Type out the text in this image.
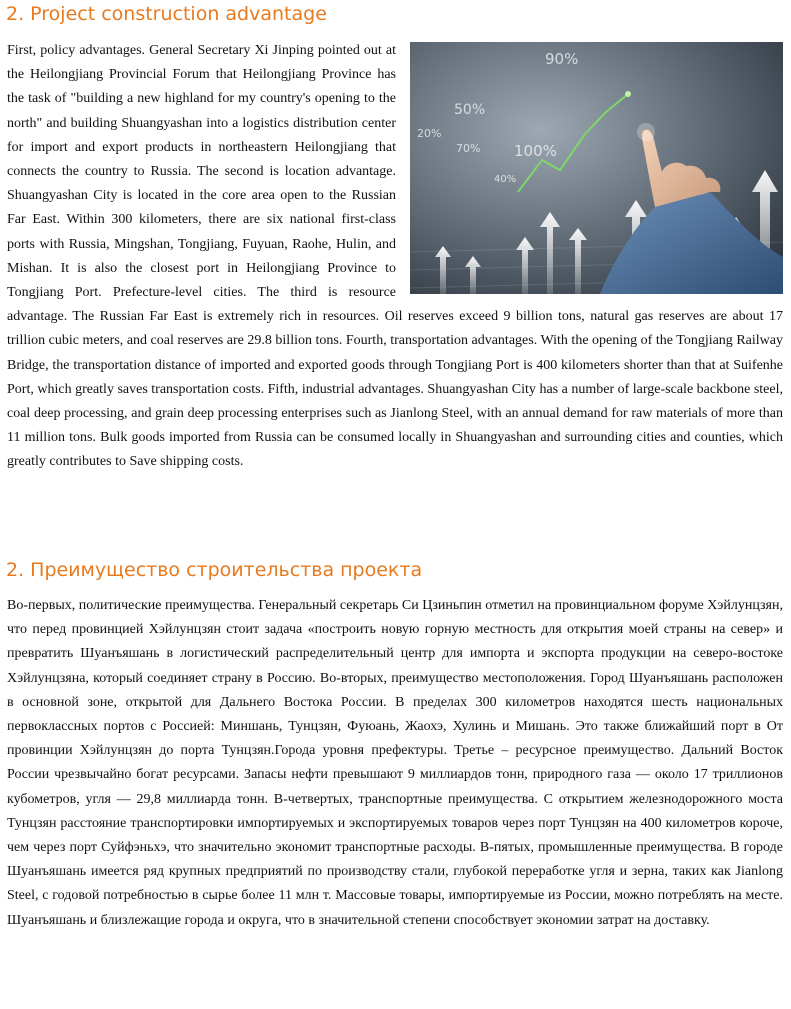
2. Project construction advantage
90%
50%
20%
70% 100%
40%
First, policy advantages. General Secretary Xi Jinping pointed out at the Heilongjiang Provincial Forum that Heilongjiang Province has the task of "building a new highland for my country's opening to the north" and building Shuangyashan into a logistics distribution center for import and export products in northeastern Heilongjiang that connects the country to Russia. The second is location advantage. Shuangyashan City is located in the core area open to the Russian Far East. Within 300 kilometers, there are six national first-class ports with Russia, Mingshan, Tongjiang, Fuyuan, Raohe, Hulin, and Mishan. It is also the closest port in Heilongjiang Province to Tongjiang Port. Prefecture-level cities. The third is resource advantage. The Russian Far East is extremely rich in resources. Oil reserves exceed 9 billion tons, natural gas reserves are about 17 trillion cubic meters, and coal reserves are 29.8 billion tons. Fourth, transportation advantages. With the opening of the Tongjiang Railway Bridge, the transportation distance of imported and exported goods through Tongjiang Port is 400 kilometers shorter than that at Suifenhe Port, which greatly saves transportation costs. Fifth, industrial advantages. Shuangyashan City has a number of large-scale backbone steel, coal deep processing, and grain deep processing enterprises such as Jianlong Steel, with an annual demand for raw materials of more than 11 million tons. Bulk goods imported from Russia can be consumed locally in Shuangyashan and surrounding cities and counties, which greatly contributes to Save shipping costs.
2. Преимущество строительства проекта
Во-первых, политические преимущества. Генеральный секретарь Си Цзиньпин отметил на провинциальном форуме Хэйлунцзян, что перед провинцией Хэйлунцзян стоит задача «построить новую горную местность для открытия моей страны на север» и превратить Шуанъяшань в логистический распределительный центр для импорта и экспорта продукции на северо-востоке Хэйлунцзяна, который соединяет страну в Россию. Во-вторых, преимущество местоположения. Город Шуанъяшань расположен в основной зоне, открытой для Дальнего Востока России. В пределах 300 километров находятся шесть национальных первоклассных портов с Россией: Миншань, Тунцзян, Фуюань, Жаохэ, Хулинь и Мишань. Это также ближайший порт в От провинции Хэйлунцзян до порта Тунцзян.Города уровня префектуры. Третье – ресурсное преимущество. Дальний Восток России чрезвычайно богат ресурсами. Запасы нефти превышают 9 миллиардов тонн, природного газа — около 17 триллионов кубометров, угля — 29,8 миллиарда тонн. В-четвертых, транспортные преимущества. С открытием железнодорожного моста Тунцзян расстояние транспортировки импортируемых и экспортируемых товаров через порт Тунцзян на 400 километров короче, чем через порт Суйфэньхэ, что значительно экономит транспортные расходы. В-пятых, промышленные преимущества. В городе Шуанъяшань имеется ряд крупных предприятий по производству стали, глубокой переработке угля и зерна, таких как Jianlong Steel, с годовой потребностью в сырье более 11 млн т. Массовые товары, импортируемые из России, можно потреблять на месте. Шуанъяшань и близлежащие города и округа, что в значительной степени способствует экономии затрат на доставку.
